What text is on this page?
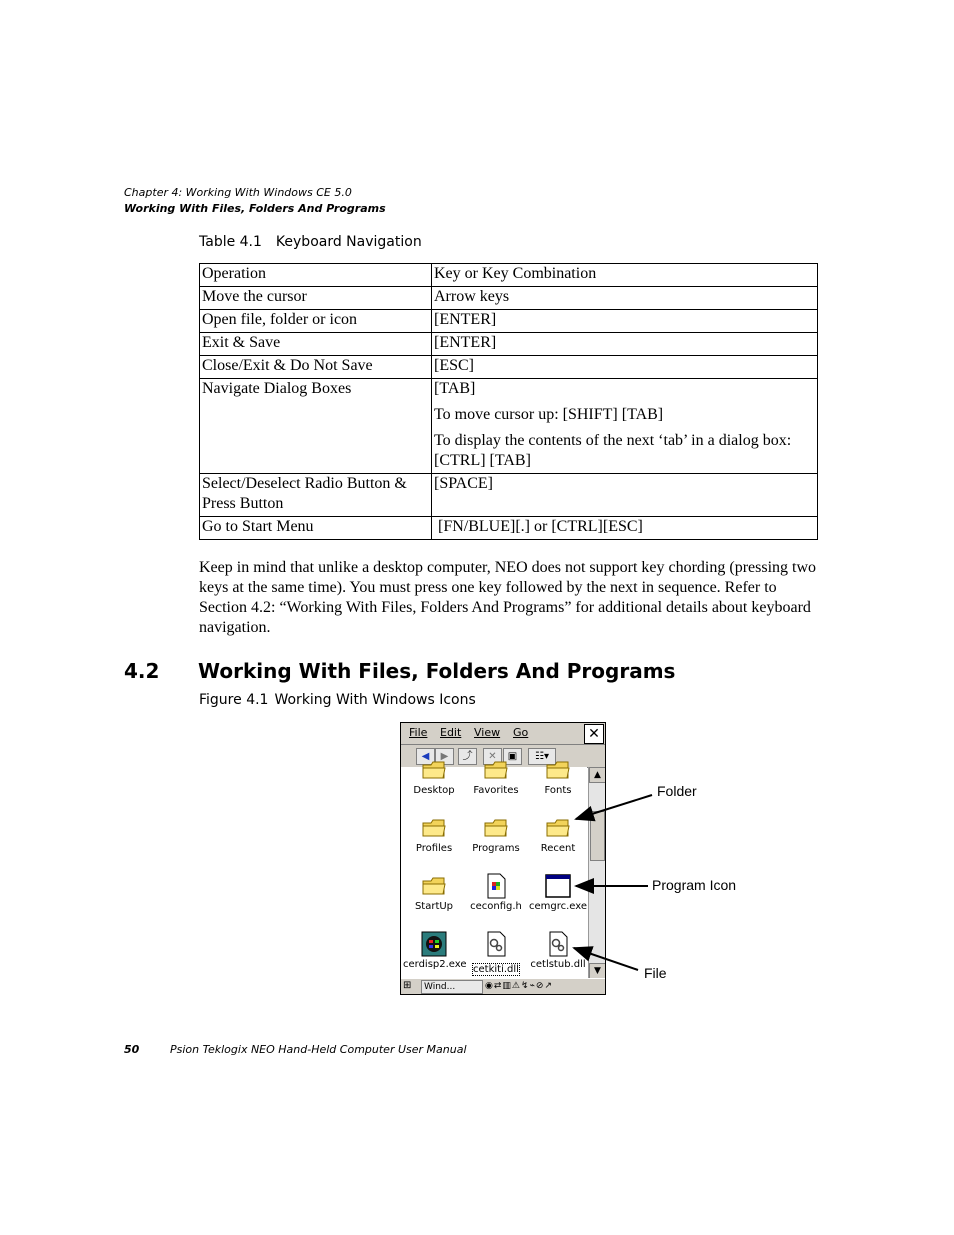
Chapter 4: Working With Windows CE 5.0
Working With Files, Folders And Programs
Table 4.1 Keyboard Navigation
Operation	Key or Key Combination

Move the cursor	Arrow keys

Open file, folder or icon	[ENTER]

Exit & Save	[ENTER]

Close/Exit & Do Not Save	[ESC]

Navigate Dialog Boxes	[TAB]
To move cursor up: [SHIFT] [TAB]
To display the contents of the next ‘tab’ in a dialog box: [CTRL] [TAB]

Select/Deselect Radio Button &
Press Button	[SPACE]

Go to Start Menu	[FN/BLUE][.] or [CTRL][ESC]
Keep in mind that unlike a desktop computer, NEO does not support key chording (pressing two keys at the same time). You must press one key followed by the next in sequence. Refer to Section 4.2: “Working With Files, Folders And Programs” for additional details about keyboard navigation.
4.2 Working With Files, Folders And Programs
Figure 4.1 Working With Windows Icons
File Edit View Go	✕
◀	▶	⤴	✕	▣	☷▾
Desktop	Favorites	Fonts
Profiles	Programs	Recent
StartUp	ceconfig.h cemgrc.exe
cerdisp2.exe cetkiti.dll	cetlstub.dll
▲
▼
⊞	Wind...	◉⇄▥⚠↯⌁⊘↗
Folder
Program Icon
File
50	Psion Teklogix NEO Hand-Held Computer User Manual
